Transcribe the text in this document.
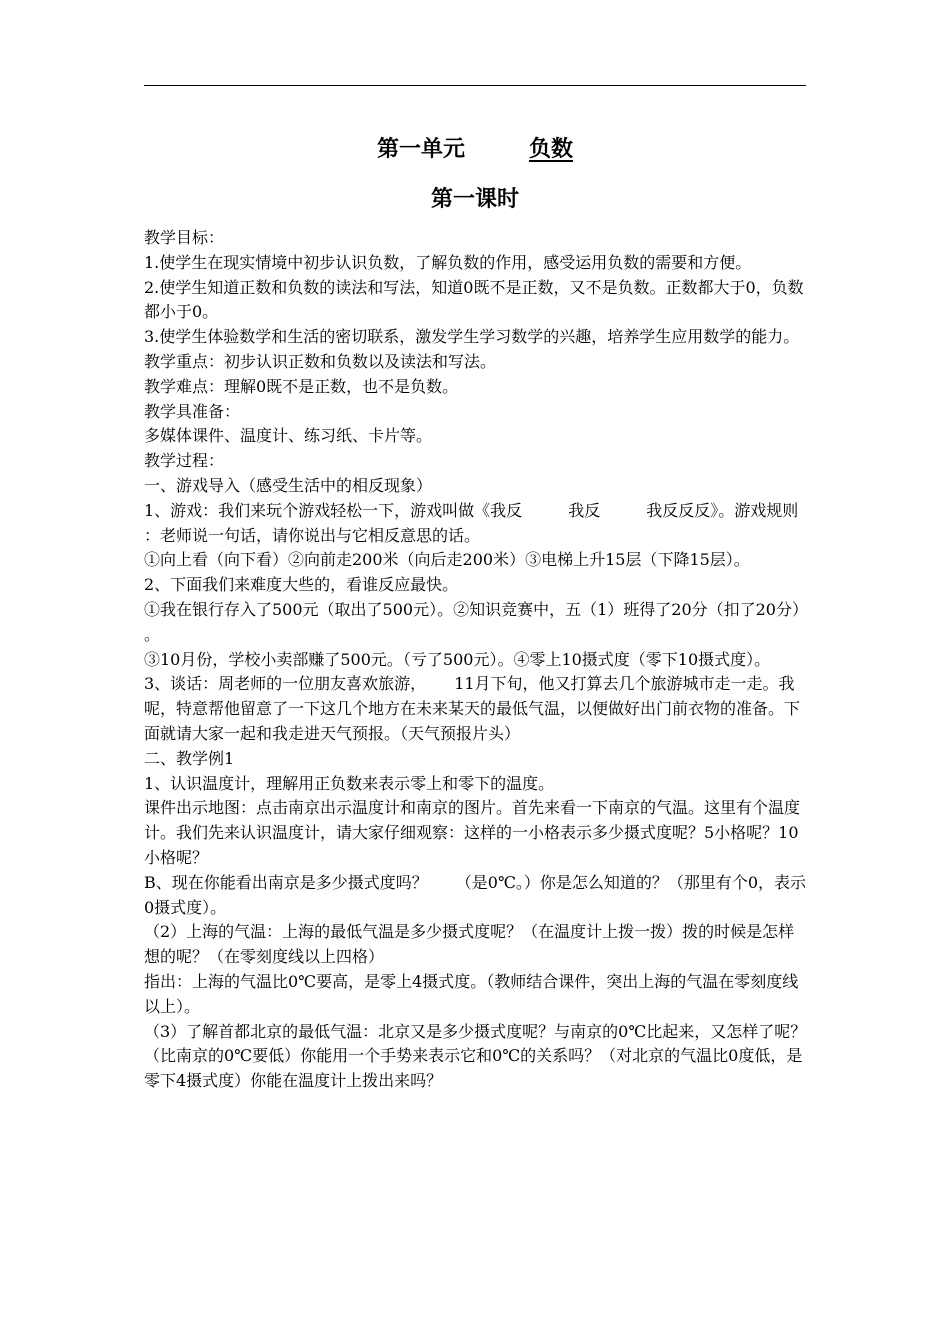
第一单元	负数
第一课时

教学目标：

1.使学生在现实情境中初步认识负数，了解负数的作用，感受运用负数的需要和方便。

2.使学生知道正数和负数的读法和写法，知道0既不是正数，又不是负数。正数都大于0，负数都小于0。

3.使学生体验数学和生活的密切联系，激发学生学习数学的兴趣，培养学生应用数学的能力。

教学重点：初步认识正数和负数以及读法和写法。

教学难点：理解0既不是正数，也不是负数。

教学具准备：

多媒体课件、温度计、练习纸、卡片等。

教学过程：

一、游戏导入（感受生活中的相反现象）

1、游戏：我们来玩个游戏轻松一下，游戏叫做《我反	我反	我反反反》。游戏规则：老师说一句话，请你说出与它相反意思的话。

①向上看（向下看）②向前走200米（向后走200米）③电梯上升15层（下降15层）。

2、下面我们来难度大些的，看谁反应最快。

①我在银行存入了500元（取出了500元）。②知识竞赛中，五（1）班得了20分（扣了20分）。

③10月份，学校小卖部赚了500元。（亏了500元）。④零上10摄式度（零下10摄式度）。

3、谈话：周老师的一位朋友喜欢旅游， 11月下旬，他又打算去几个旅游城市走一走。我呢，特意帮他留意了一下这几个地方在未来某天的最低气温，以便做好出门前衣物的准备。下面就请大家一起和我走进天气预报。（天气预报片头）

二、教学例1

1、认识温度计，理解用正负数来表示零上和零下的温度。

课件出示地图：点击南京出示温度计和南京的图片。首先来看一下南京的气温。这里有个温度计。我们先来认识温度计，请大家仔细观察：这样的一小格表示多少摄式度呢？5小格呢？10小格呢？

B、现在你能看出南京是多少摄式度吗？ （是0℃。）你是怎么知道的？（那里有个0，表示0摄式度）。

（2）上海的气温：上海的最低气温是多少摄式度呢？（在温度计上拨一拨）拨的时候是怎样想的呢？（在零刻度线以上四格）

指出：上海的气温比0℃要高，是零上4摄式度。（教师结合课件，突出上海的气温在零刻度线以上）。

（3）了解首都北京的最低气温：北京又是多少摄式度呢？与南京的0℃比起来，又怎样了呢？（比南京的0℃要低）你能用一个手势来表示它和0℃的关系吗？（对北京的气温比0度低，是零下4摄式度）你能在温度计上拨出来吗？
